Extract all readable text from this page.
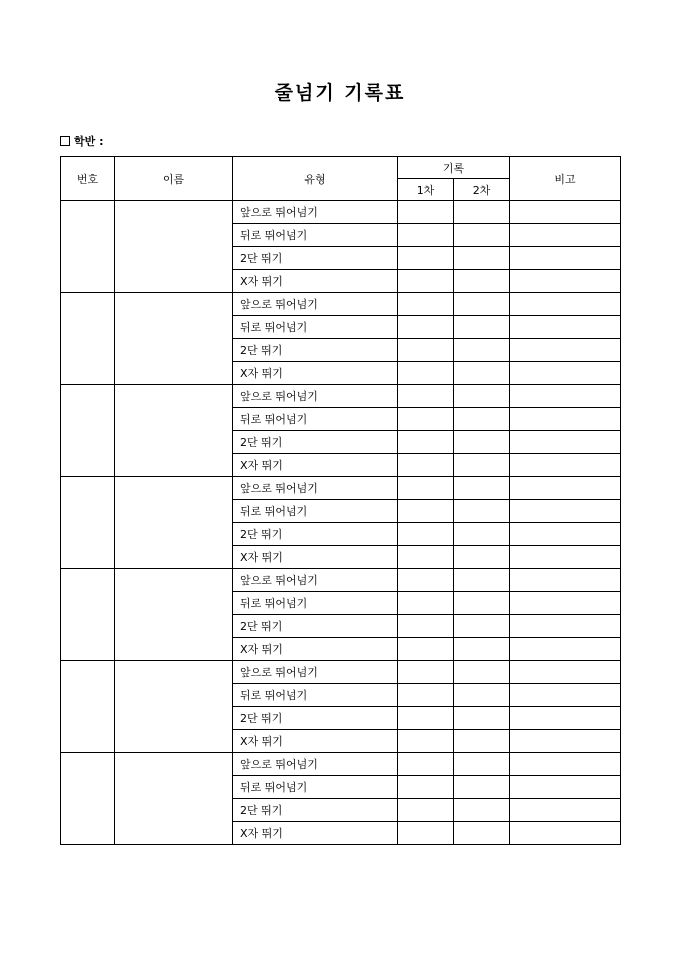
줄넘기 기록표
학반 :
번호	이름	유형	기록		비고
			1차	2차	
		앞으로 뛰어넘기			
		뒤로 뛰어넘기			
		2단 뛰기			
		X자 뛰기			
		앞으로 뛰어넘기			
		뒤로 뛰어넘기			
		2단 뛰기			
		X자 뛰기			
		앞으로 뛰어넘기			
		뒤로 뛰어넘기			
		2단 뛰기			
		X자 뛰기			
		앞으로 뛰어넘기			
		뒤로 뛰어넘기			
		2단 뛰기			
		X자 뛰기			
		앞으로 뛰어넘기			
		뒤로 뛰어넘기			
		2단 뛰기			
		X자 뛰기			
		앞으로 뛰어넘기			
		뒤로 뛰어넘기			
		2단 뛰기			
		X자 뛰기			
		앞으로 뛰어넘기			
		뒤로 뛰어넘기			
		2단 뛰기			
		X자 뛰기			
